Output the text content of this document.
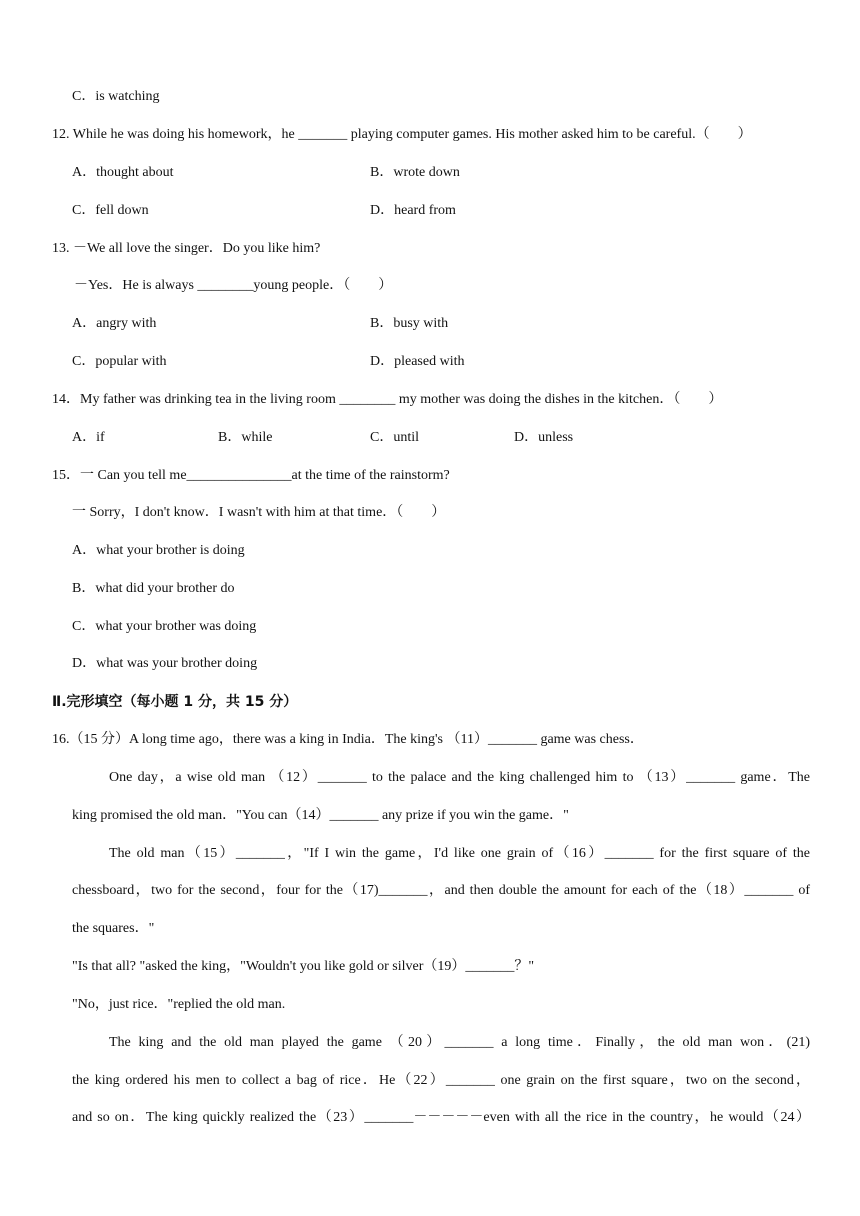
C．is watching
12. While he was doing his homework，he _______ playing computer games. His mother asked him to be careful.（　　）
A．thought about	B．wrote down
C．fell down	D．heard from
13. －We all love the singer．Do you like him?
－Yes．He is always ________young people．（　　）
A．angry with	B．busy with
C．popular with	D．pleased with
14．My father was drinking tea in the living room ________ my mother was doing the dishes in the kitchen．（　　）
A．if	B．while	C．until	D．unless
15．一 Can you tell me_______________at the time of the rainstorm?
一 Sorry，I don't know．I wasn't with him at that time．（　　）
A．what your brother is doing
B．what did your brother do
C．what your brother was doing
D．what was your brother doing
Ⅱ.完形填空（每小题 1 分，共 15 分）
16.（15 分）A long time ago，there was a king in India．The king's （11）_______ game was chess．
One day，a wise old man （12）_______ to the palace and the king challenged him to （13）_______ game．The
king promised the old man．"You can（14）_______ any prize if you win the game．"
The old man（15）_______，"If I win the game，I'd like one grain of（16）_______ for the first square of the
chessboard，two for the second，four for the（17)_______，and then double the amount for each of the（18）_______ of
the squares．"
"Is that all? "asked the king，"Wouldn't you like gold or silver（19）_______？"
"No，just rice．"replied the old man.
The king and the old man played the game （20）_______ a long time．Finally，the old man won．(21)
the king ordered his men to collect a bag of rice．He（22）_______ one grain on the first square，two on the second，
and so on．The king quickly realized the（23）_______－－－－－even with all the rice in the country，he would（24）
